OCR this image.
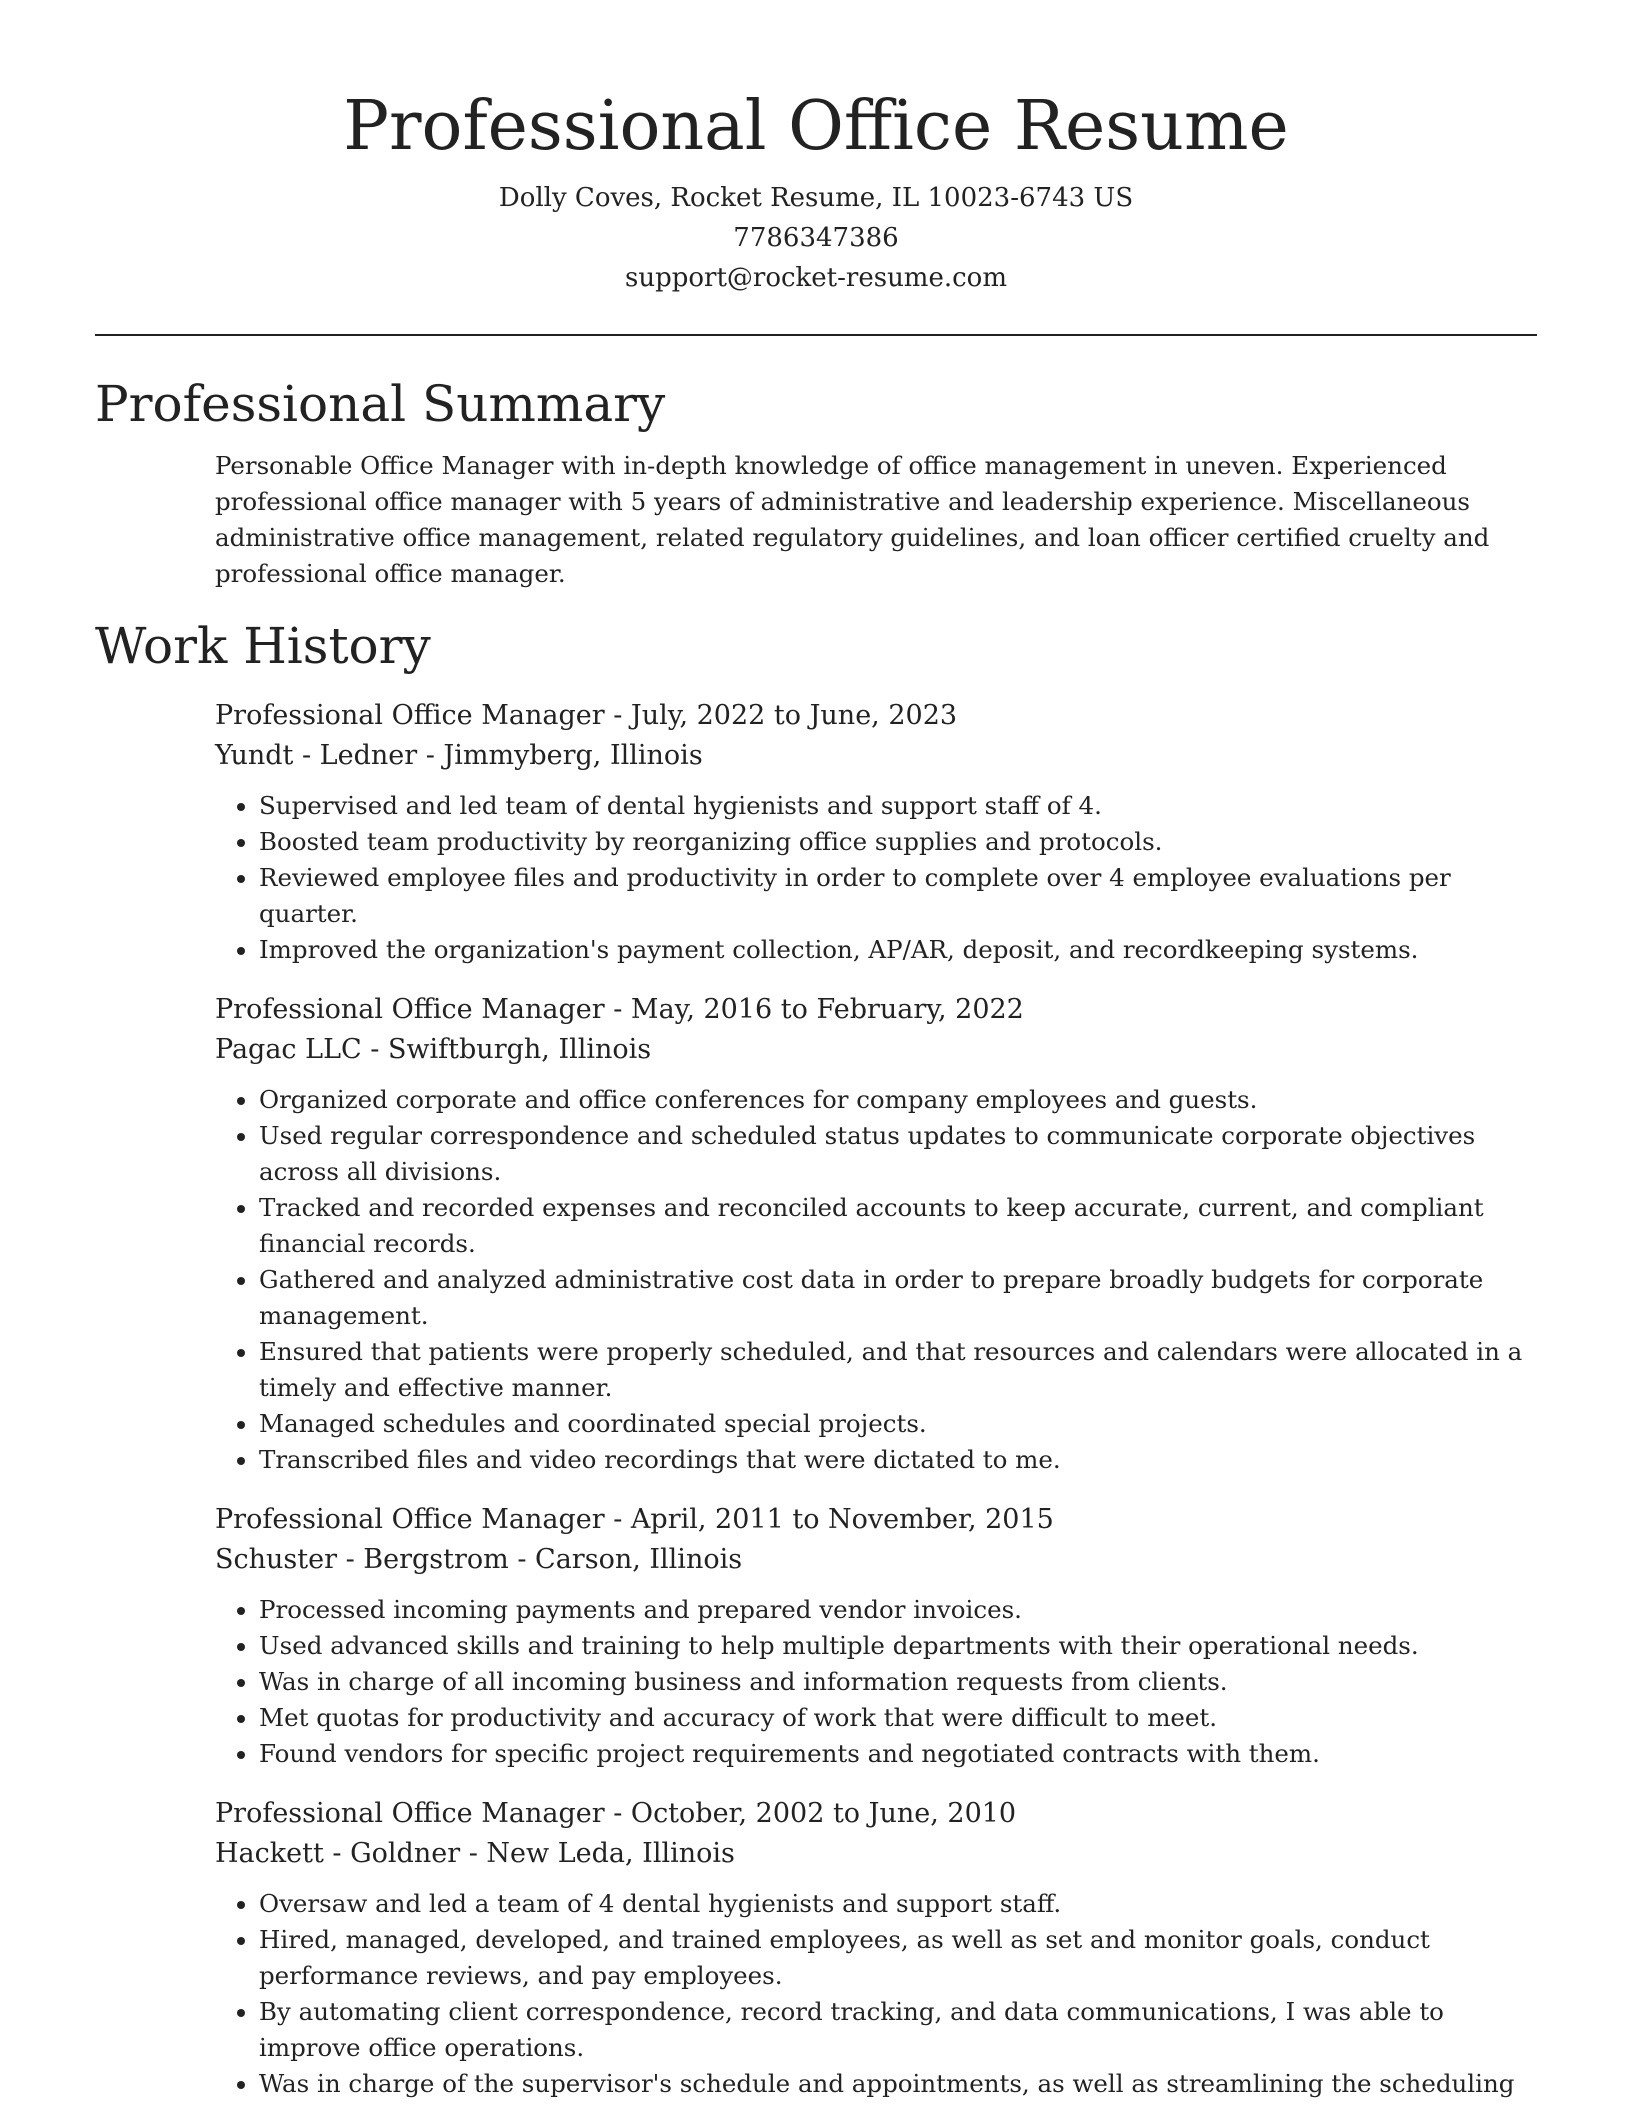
Professional Office Resume
Dolly Coves, Rocket Resume, IL 10023-6743 US
7786347386
support@rocket-resume.com
Professional Summary
Personable Office Manager with in-depth knowledge of office management in uneven. Experienced professional office manager with 5 years of administrative and leadership experience. Miscellaneous administrative office management, related regulatory guidelines, and loan officer certified cruelty and professional office manager.
Work History
Professional Office Manager - July, 2022 to June, 2023
Yundt - Ledner - Jimmyberg, Illinois
• Supervised and led team of dental hygienists and support staff of 4.
• Boosted team productivity by reorganizing office supplies and protocols.
• Reviewed employee files and productivity in order to complete over 4 employee evaluations per quarter.
• Improved the organization's payment collection, AP/AR, deposit, and recordkeeping systems.
Professional Office Manager - May, 2016 to February, 2022
Pagac LLC - Swiftburgh, Illinois
• Organized corporate and office conferences for company employees and guests.
• Used regular correspondence and scheduled status updates to communicate corporate objectives across all divisions.
• Tracked and recorded expenses and reconciled accounts to keep accurate, current, and compliant financial records.
• Gathered and analyzed administrative cost data in order to prepare broadly budgets for corporate management.
• Ensured that patients were properly scheduled, and that resources and calendars were allocated in a timely and effective manner.
• Managed schedules and coordinated special projects.
• Transcribed files and video recordings that were dictated to me.
Professional Office Manager - April, 2011 to November, 2015
Schuster - Bergstrom - Carson, Illinois
• Processed incoming payments and prepared vendor invoices.
• Used advanced skills and training to help multiple departments with their operational needs.
• Was in charge of all incoming business and information requests from clients.
• Met quotas for productivity and accuracy of work that were difficult to meet.
• Found vendors for specific project requirements and negotiated contracts with them.
Professional Office Manager - October, 2002 to June, 2010
Hackett - Goldner - New Leda, Illinois
• Oversaw and led a team of 4 dental hygienists and support staff.
• Hired, managed, developed, and trained employees, as well as set and monitor goals, conduct performance reviews, and pay employees.
• By automating client correspondence, record tracking, and data communications, I was able to improve office operations.
• Was in charge of the supervisor's schedule and appointments, as well as streamlining the scheduling
